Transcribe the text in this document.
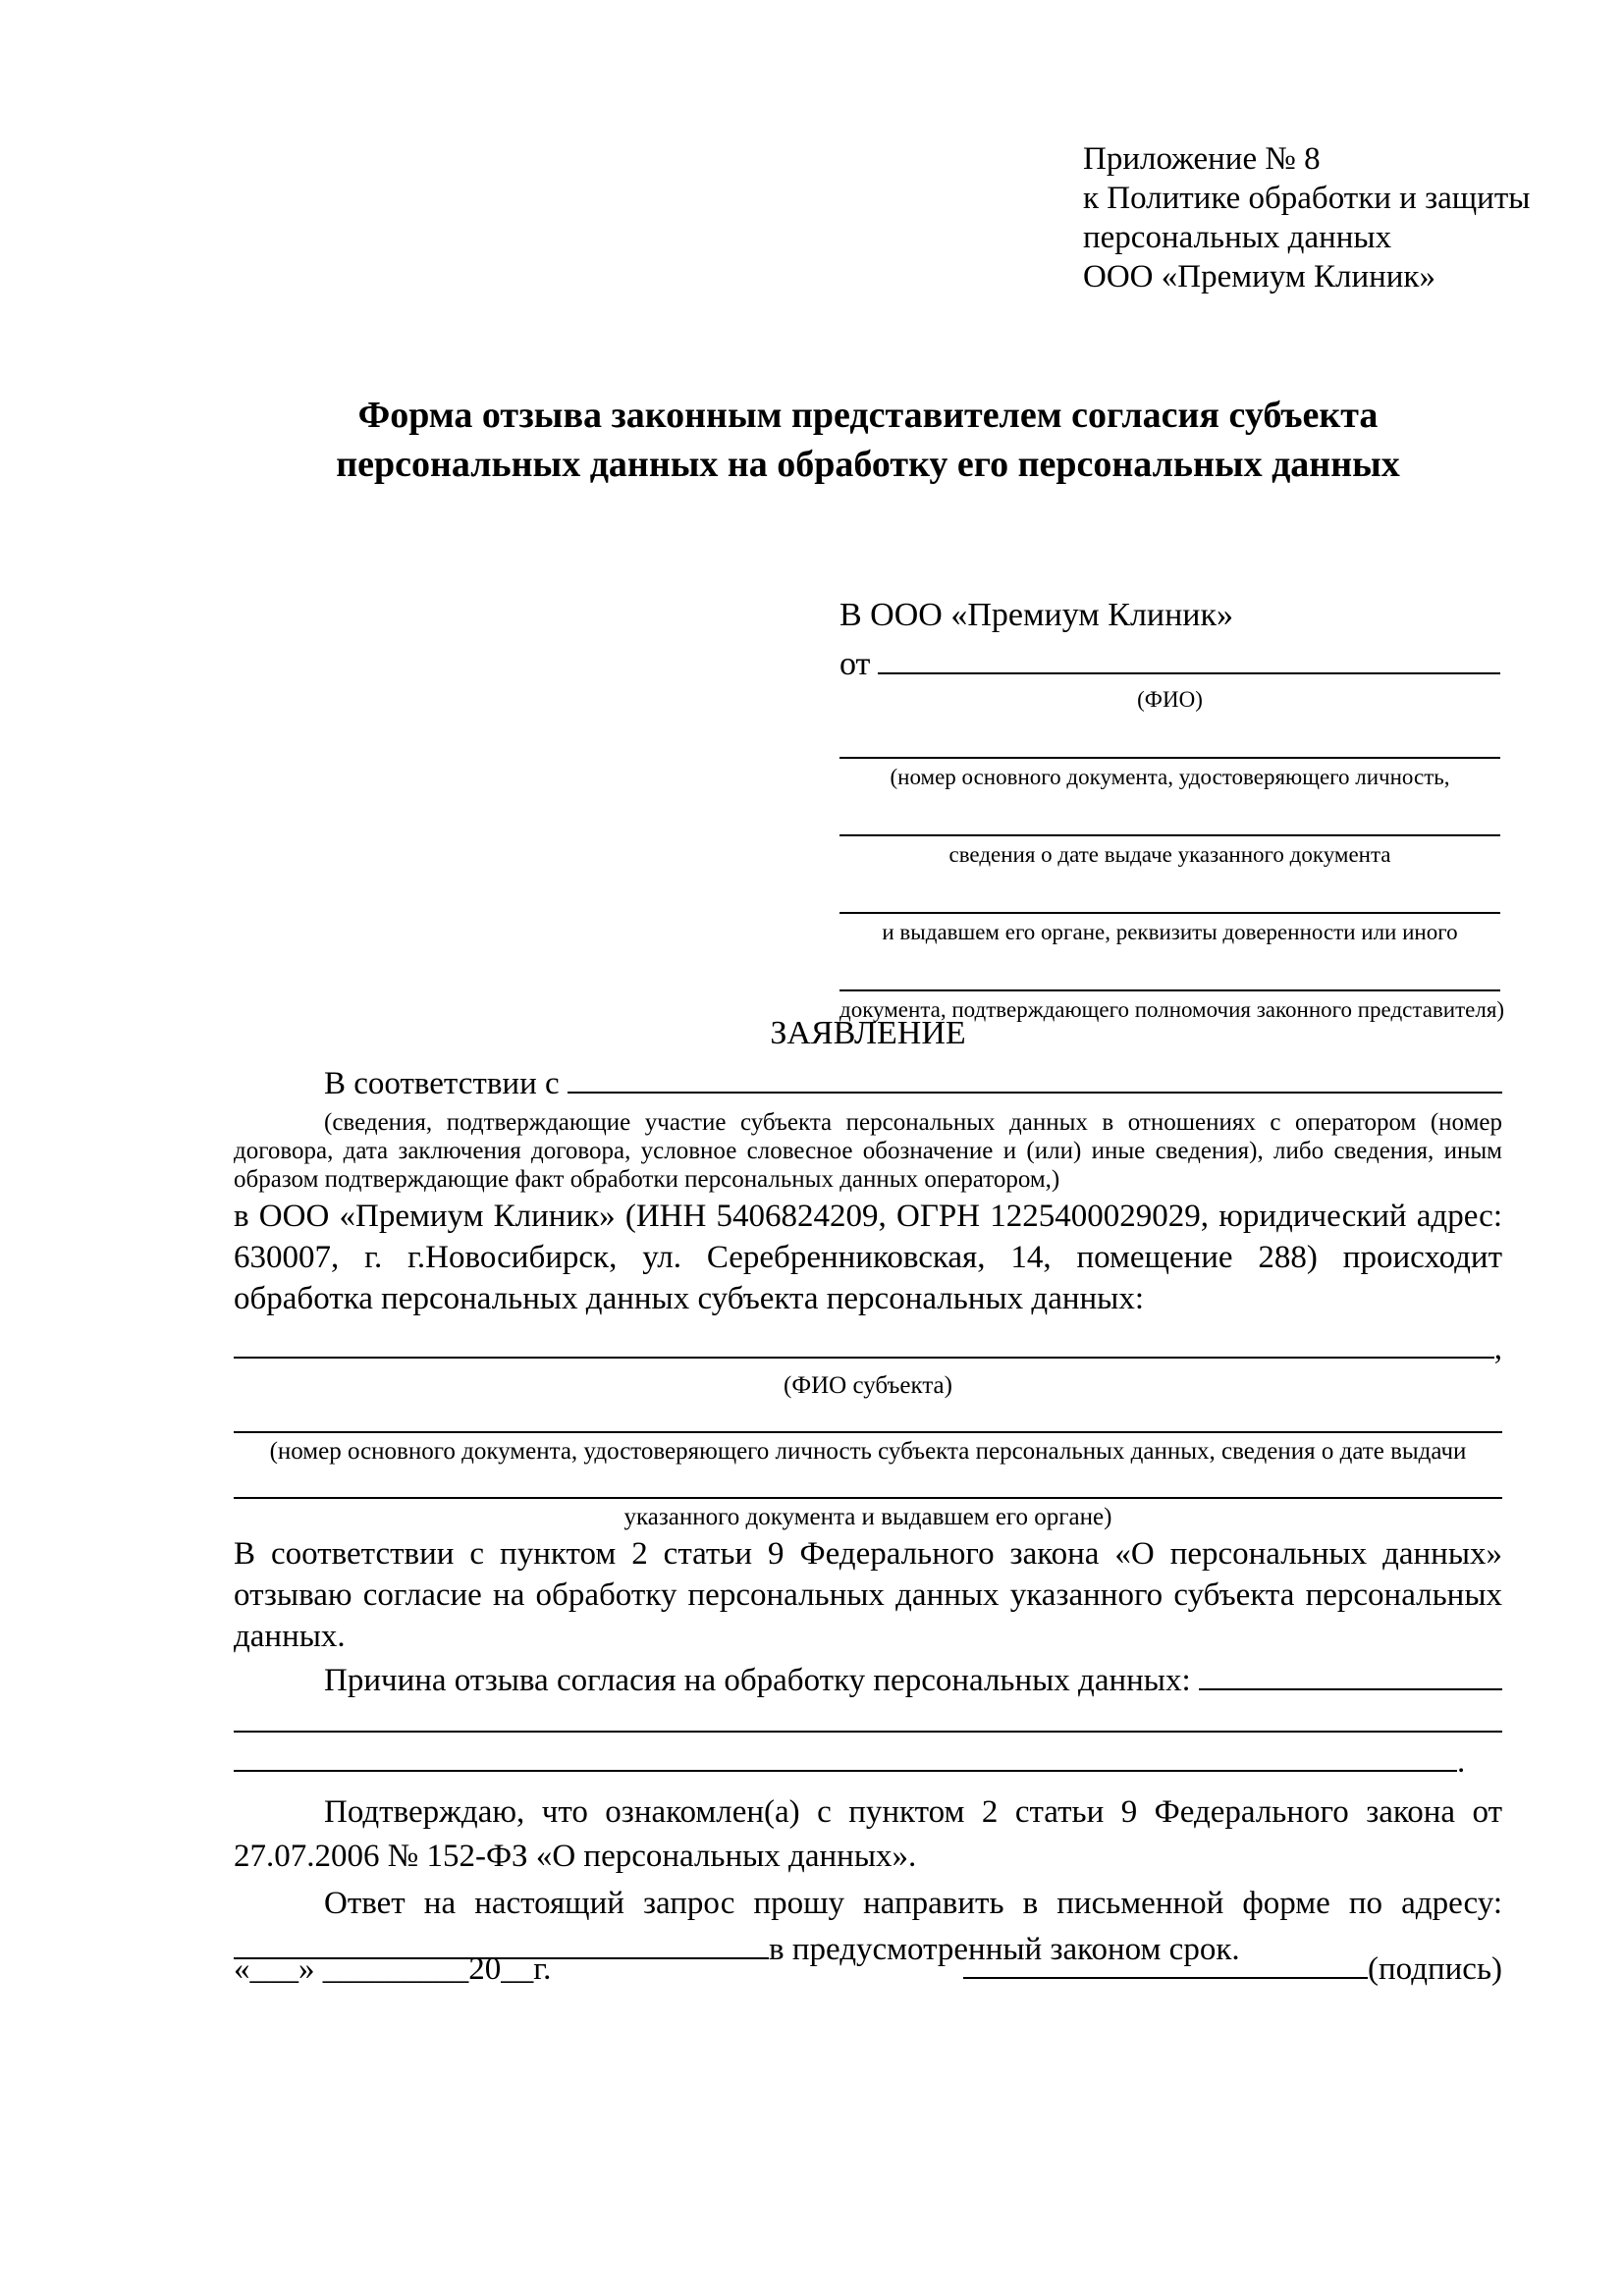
Приложение № 8
к Политике обработки и защиты
персональных данных
ООО «Премиум Клиник»
Форма отзыва законным представителем согласия субъекта
персональных данных на обработку его персональных данных
В ООО «Премиум Клиник»
от
(ФИО)
(номер основного документа, удостоверяющего личность,
сведения о дате выдаче указанного документа
и выдавшем его органе, реквизиты доверенности или иного
документа, подтверждающего полномочия законного представителя)
ЗАЯВЛЕНИЕ
В соответствии с
(сведения, подтверждающие участие субъекта персональных данных в отношениях с оператором (номер договора, дата заключения договора, условное словесное обозначение и (или) иные сведения), либо сведения, иным образом подтверждающие факт обработки персональных данных оператором,)
в ООО «Премиум Клиник» (ИНН 5406824209, ОГРН 1225400029029, юридический адрес: 630007, г. г.Новосибирск, ул. Серебренниковская, 14, помещение 288) происходит обработка персональных данных субъекта персональных данных:
,
(ФИО субъекта)
(номер основного документа, удостоверяющего личность субъекта персональных данных, сведения о дате выдачи
указанного документа и выдавшем его органе)
В соответствии с пунктом 2 статьи 9 Федерального закона «О персональных данных» отзываю согласие на обработку персональных данных указанного субъекта персональных данных.
Причина отзыва согласия на обработку персональных данных:
.
Подтверждаю, что ознакомлен(а) с пунктом 2 статьи 9 Федерального закона от 27.07.2006 № 152-ФЗ «О персональных данных».
Ответ на настоящий запрос прошу направить в письменной форме по адресу: в предусмотренный законом срок.
«___» _________20__г.	(подпись)
